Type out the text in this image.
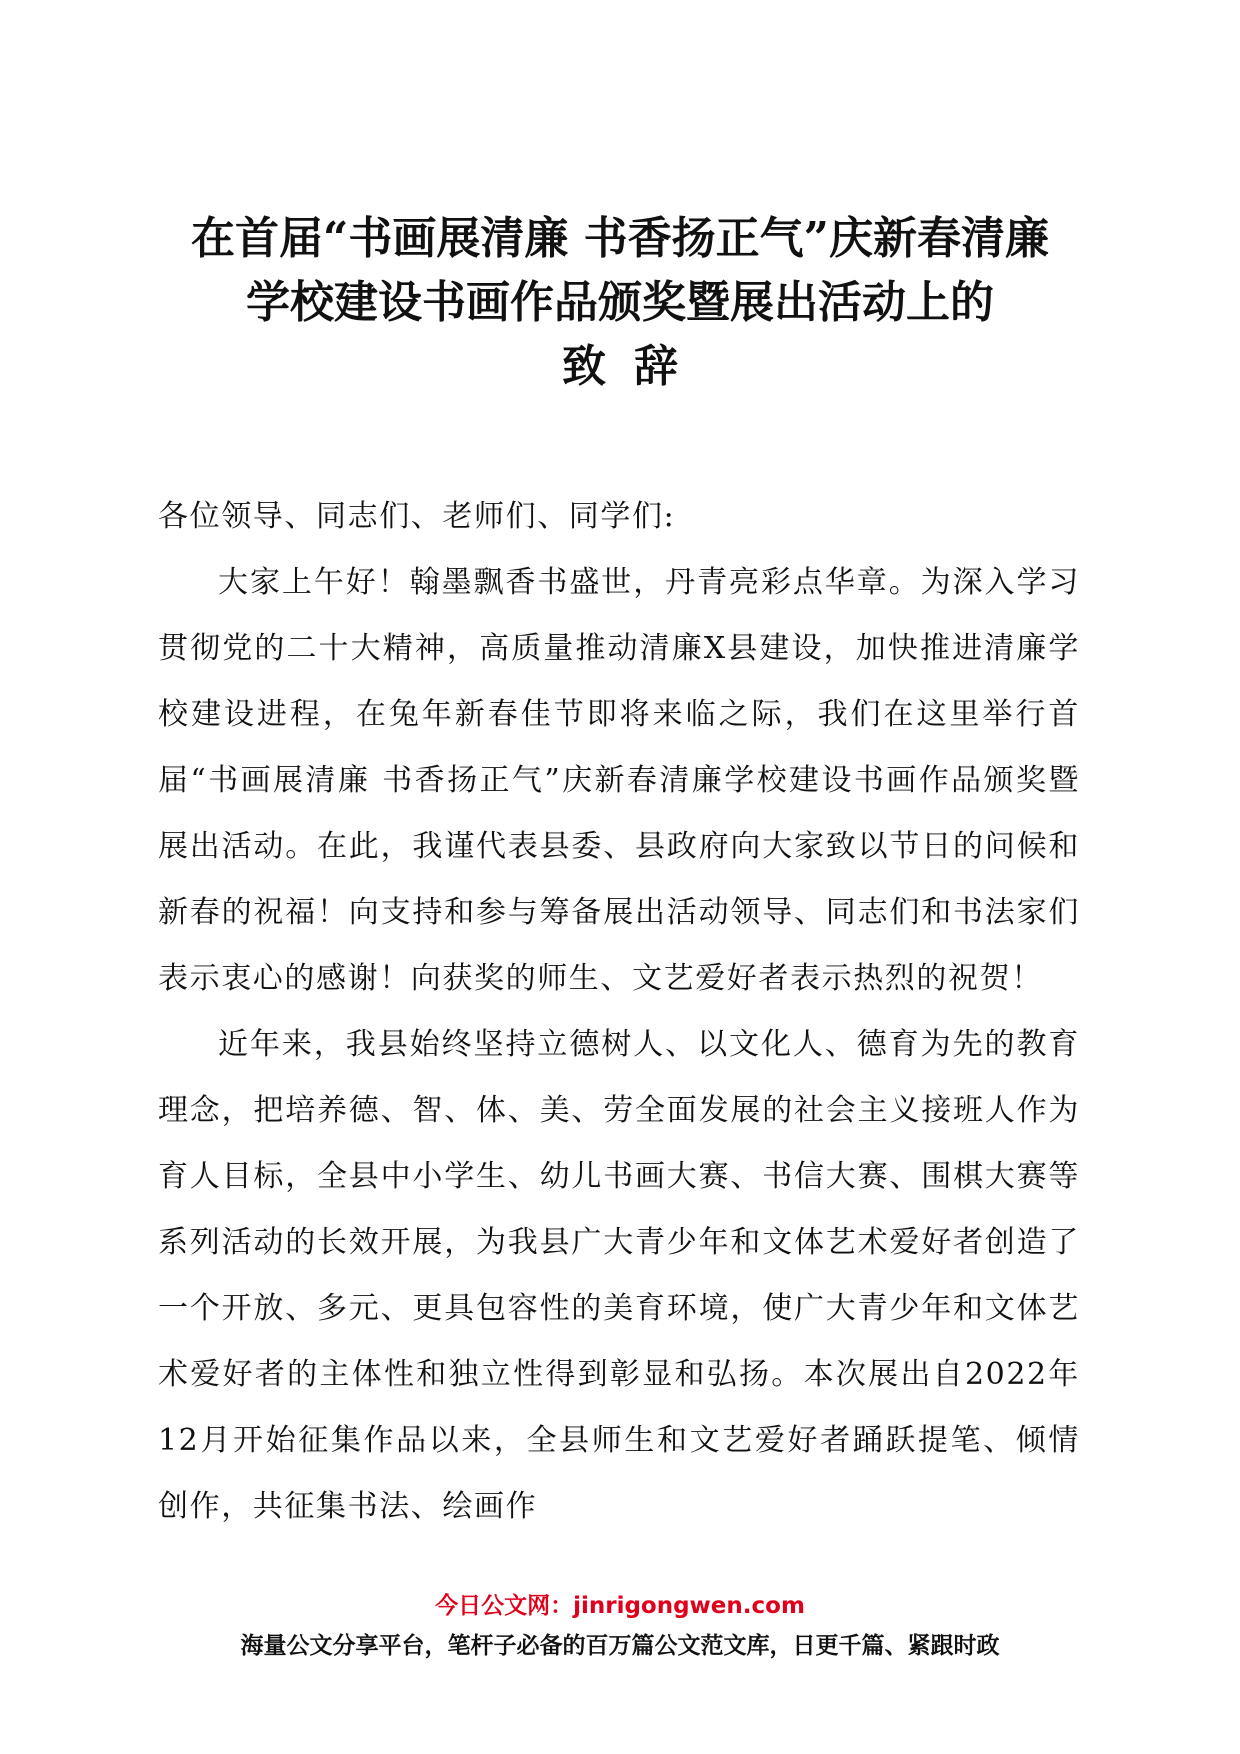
在首届“书画展清廉 书香扬正气”庆新春清廉
学校建设书画作品颁奖暨展出活动上的
致辞

各位领导、同志们、老师们、同学们:

大家上午好！翰墨飘香书盛世，丹青亮彩点华章。为深入学习贯彻党的二十大精神，高质量推动清廉X县建设，加快推进清廉学校建设进程，在兔年新春佳节即将来临之际，我们在这里举行首届“书画展清廉 书香扬正气”庆新春清廉学校建设书画作品颁奖暨展出活动。在此，我谨代表县委、县政府向大家致以节日的问候和新春的祝福！向支持和参与筹备展出活动领导、同志们和书法家们表示衷心的感谢！向获奖的师生、文艺爱好者表示热烈的祝贺！

近年来，我县始终坚持立德树人、以文化人、德育为先的教育理念，把培养德、智、体、美、劳全面发展的社会主义接班人作为育人目标，全县中小学生、幼儿书画大赛、书信大赛、围棋大赛等系列活动的长效开展，为我县广大青少年和文体艺术爱好者创造了一个开放、多元、更具包容性的美育环境，使广大青少年和文体艺术爱好者的主体性和独立性得到彰显和弘扬。本次展出自2022年12月开始征集作品以来，全县师生和文艺爱好者踊跃提笔、倾情创作，共征集书法、绘画作

今日公文网：jinrigongwen.com
海量公文分享平台，笔杆子必备的百万篇公文范文库，日更千篇、紧跟时政
